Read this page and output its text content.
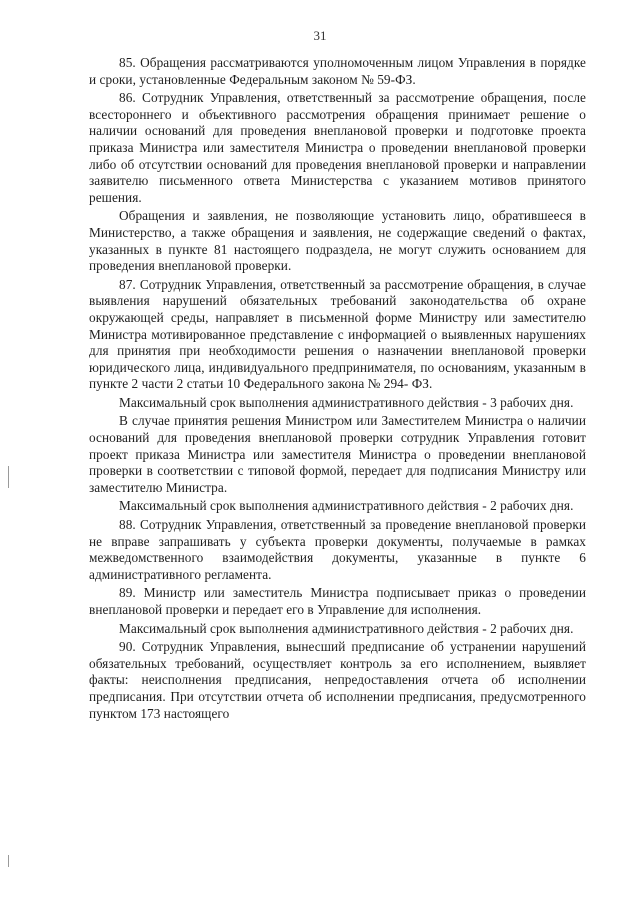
31

85. Обращения рассматриваются уполномоченным лицом Управления в порядке и сроки, установленные Федеральным законом № 59-ФЗ.

86. Сотрудник Управления, ответственный за рассмотрение обращения, после всестороннего и объективного рассмотрения обращения принимает решение о наличии оснований для проведения внеплановой проверки и подготовке проекта приказа Министра или заместителя Министра о проведении внеплановой проверки либо об отсутствии оснований для проведения внеплановой проверки и направлении заявителю письменного ответа Министерства с указанием мотивов принятого решения.

Обращения и заявления, не позволяющие установить лицо, обратившееся в Министерство, а также обращения и заявления, не содержащие сведений о фактах, указанных в пункте 81 настоящего подраздела, не могут служить основанием для проведения внеплановой проверки.

87. Сотрудник Управления, ответственный за рассмотрение обращения, в случае выявления нарушений обязательных требований законодательства об охране окружающей среды, направляет в письменной форме Министру или заместителю Министра мотивированное представление с информацией о выявленных нарушениях для принятия при необходимости решения о назначении внеплановой проверки юридического лица, индивидуального предпринимателя, по основаниям, указанным в пункте 2 части 2 статьи 10 Федерального закона № 294- ФЗ.

Максимальный срок выполнения административного действия - 3 рабочих дня.

В случае принятия решения Министром или Заместителем Министра о наличии оснований для проведения внеплановой проверки сотрудник Управления готовит проект приказа Министра или заместителя Министра о проведении внеплановой проверки в соответствии с типовой формой, передает для подписания Министру или заместителю Министра.

Максимальный срок выполнения административного действия - 2 рабочих дня.

88. Сотрудник Управления, ответственный за проведение внеплановой проверки не вправе запрашивать у субъекта проверки документы, получаемые в рамках межведомственного взаимодействия документы, указанные в пункте 6 административного регламента.

89. Министр или заместитель Министра подписывает приказ о проведении внеплановой проверки и передает его в Управление для исполнения.

Максимальный срок выполнения административного действия - 2 рабочих дня.

90. Сотрудник Управления, вынесший предписание об устранении нарушений обязательных требований, осуществляет контроль за его исполнением, выявляет факты: неисполнения предписания, непредоставления отчета об исполнении предписания. При отсутствии отчета об исполнении предписания, предусмотренного пунктом 173 настоящего
